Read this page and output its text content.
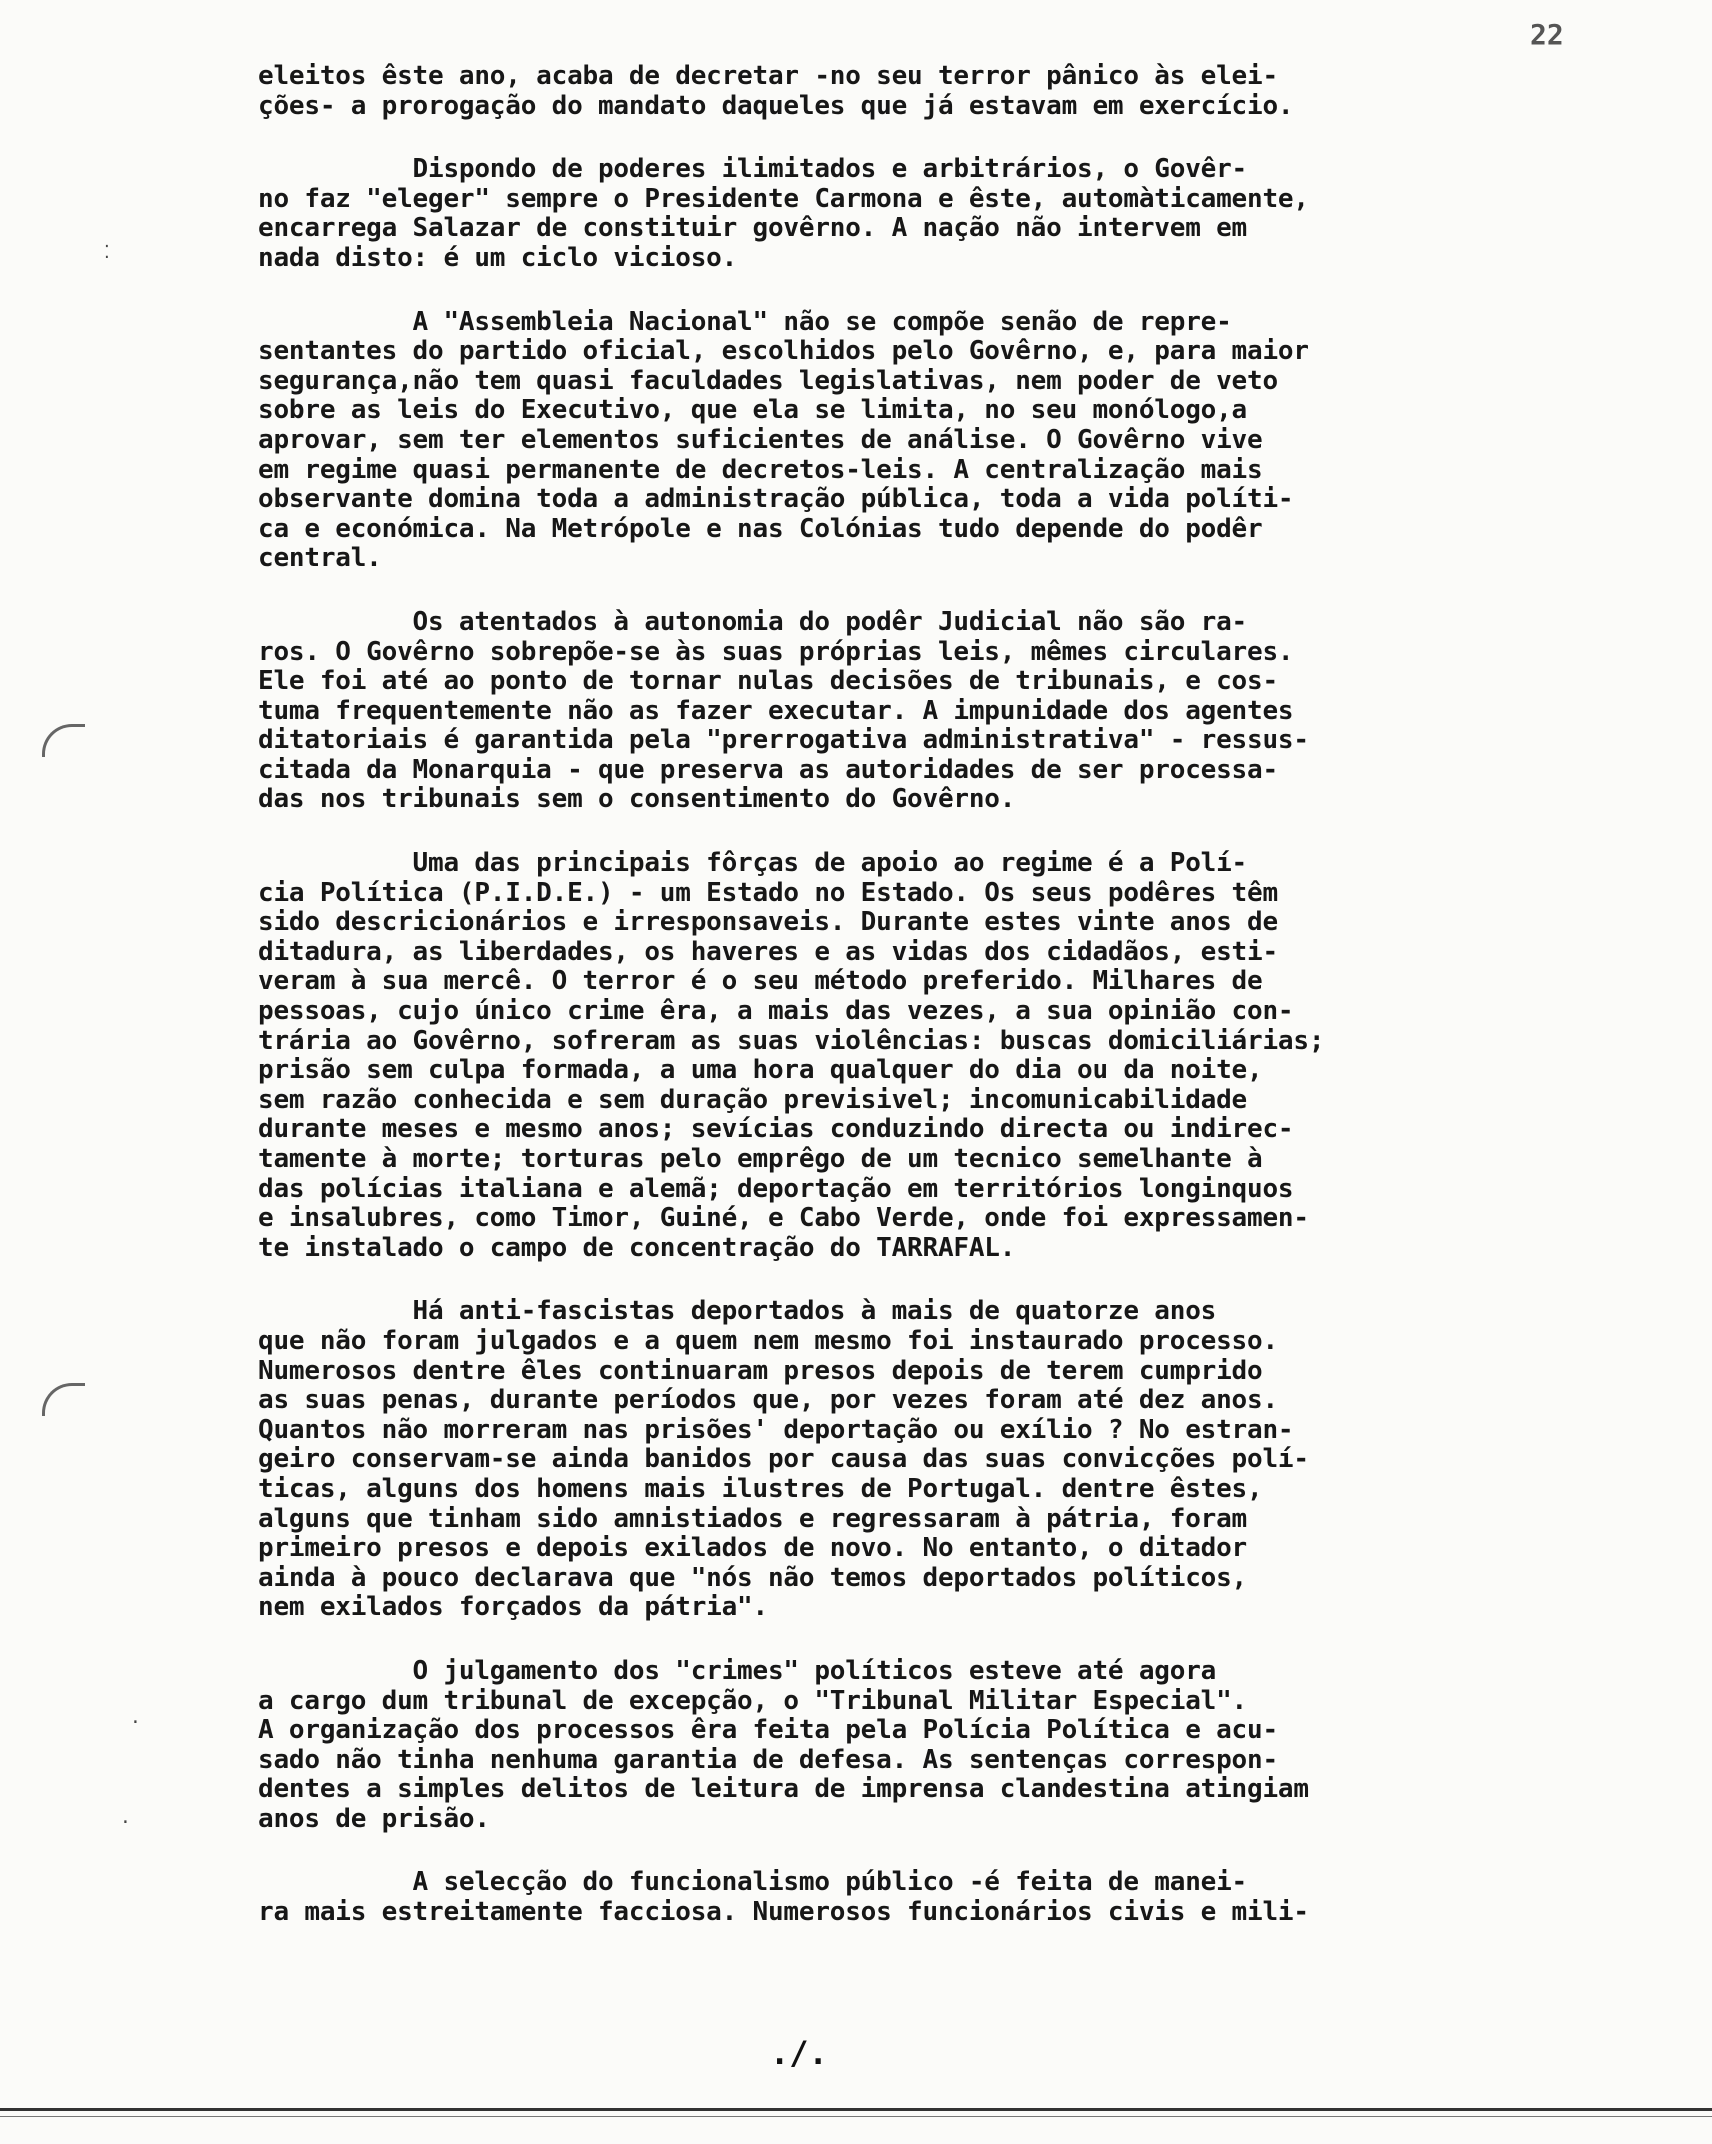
22
⁚
·
·

eleitos êste ano, acaba de decretar -no seu terror pânico às elei-
ções- a prorogação do mandato daqueles que já estavam em exercício.

Dispondo de poderes ilimitados e arbitrários, o Govêr-
no faz "eleger" sempre o Presidente Carmona e êste, automàticamente,
encarrega Salazar de constituir govêrno. A nação não intervem em
nada disto: é um ciclo vicioso.

A "Assembleia Nacional" não se compõe senão de repre-
sentantes do partido oficial, escolhidos pelo Govêrno, e, para maior
segurança,não tem quasi faculdades legislativas, nem poder de veto
sobre as leis do Executivo, que ela se limita, no seu monólogo,a
aprovar, sem ter elementos suficientes de análise. O Govêrno vive
em regime quasi permanente de decretos-leis. A centralização mais
observante domina toda a administração pública, toda a vida políti-
ca e económica. Na Metrópole e nas Colónias tudo depende do podêr
central.

Os atentados à autonomia do podêr Judicial não são ra-
ros. O Govêrno sobrepõe-se às suas próprias leis, mêmes circulares.
Ele foi até ao ponto de tornar nulas decisões de tribunais, e cos-
tuma frequentemente não as fazer executar. A impunidade dos agentes
ditatoriais é garantida pela "prerrogativa administrativa" - ressus-
citada da Monarquia - que preserva as autoridades de ser processa-
das nos tribunais sem o consentimento do Govêrno.

Uma das principais fôrças de apoio ao regime é a Polí-
cia Política (P.I.D.E.) - um Estado no Estado. Os seus podêres têm
sido descricionários e irresponsaveis. Durante estes vinte anos de
ditadura, as liberdades, os haveres e as vidas dos cidadãos, esti-
veram à sua mercê. O terror é o seu método preferido. Milhares de
pessoas, cujo único crime êra, a mais das vezes, a sua opinião con-
trária ao Govêrno, sofreram as suas violências: buscas domiciliárias;
prisão sem culpa formada, a uma hora qualquer do dia ou da noite,
sem razão conhecida e sem duração previsivel; incomunicabilidade
durante meses e mesmo anos; sevícias conduzindo directa ou indirec-
tamente à morte; torturas pelo emprêgo de um tecnico semelhante à
das polícias italiana e alemã; deportação em territórios longinquos
e insalubres, como Timor, Guiné, e Cabo Verde, onde foi expressamen-
te instalado o campo de concentração do TARRAFAL.

Há anti-fascistas deportados à mais de quatorze anos
que não foram julgados e a quem nem mesmo foi instaurado processo.
Numerosos dentre êles continuaram presos depois de terem cumprido
as suas penas, durante períodos que, por vezes foram até dez anos.
Quantos não morreram nas prisões' deportação ou exílio ? No estran-
geiro conservam-se ainda banidos por causa das suas convicções polí-
ticas, alguns dos homens mais ilustres de Portugal. dentre êstes,
alguns que tinham sido amnistiados e regressaram à pátria, foram
primeiro presos e depois exilados de novo. No entanto, o ditador
ainda à pouco declarava que "nós não temos deportados políticos,
nem exilados forçados da pátria".

O julgamento dos "crimes" políticos esteve até agora
a cargo dum tribunal de excepção, o "Tribunal Militar Especial".
A organização dos processos êra feita pela Polícia Política e acu-
sado não tinha nenhuma garantia de defesa. As sentenças correspon-
dentes a simples delitos de leitura de imprensa clandestina atingiam
anos de prisão.

A selecção do funcionalismo público -é feita de manei-
ra mais estreitamente facciosa. Numerosos funcionários civis e mili-

./.
